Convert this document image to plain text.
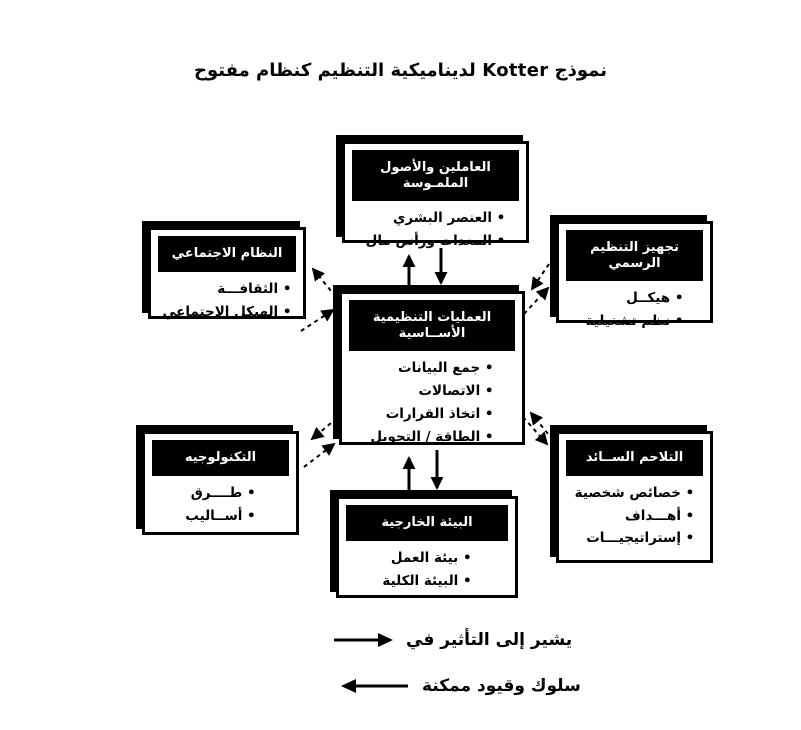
نموذج Kotter لديناميكية التنظيم كنظام مفتوح
العاملين والأصول الملمـوسة
• العنصر البشري
• المعدات ورأس مال
النظام الاجتماعي
• الثقافـــة
• الهيكل الاجتماعي
تجهيز التنظيم الرسمي
• هيكــل
• نظم تشغيلية
العمليات التنظيمية الأســاسية
• جمع البيانات
• الاتصالات
• اتخاذ القرارات
• الطاقة / التحويل
التكنولوجيه
• طــــرق
• أســاليب
التلاحم الســائد
• خصائص شخصية
• أهـــداف
• إستراتيجيـــات
البيئة الخارجية
• بيئة العمل
• البيئة الكلية
يشير إلى التأثير في
سلوك وقيود ممكنة
